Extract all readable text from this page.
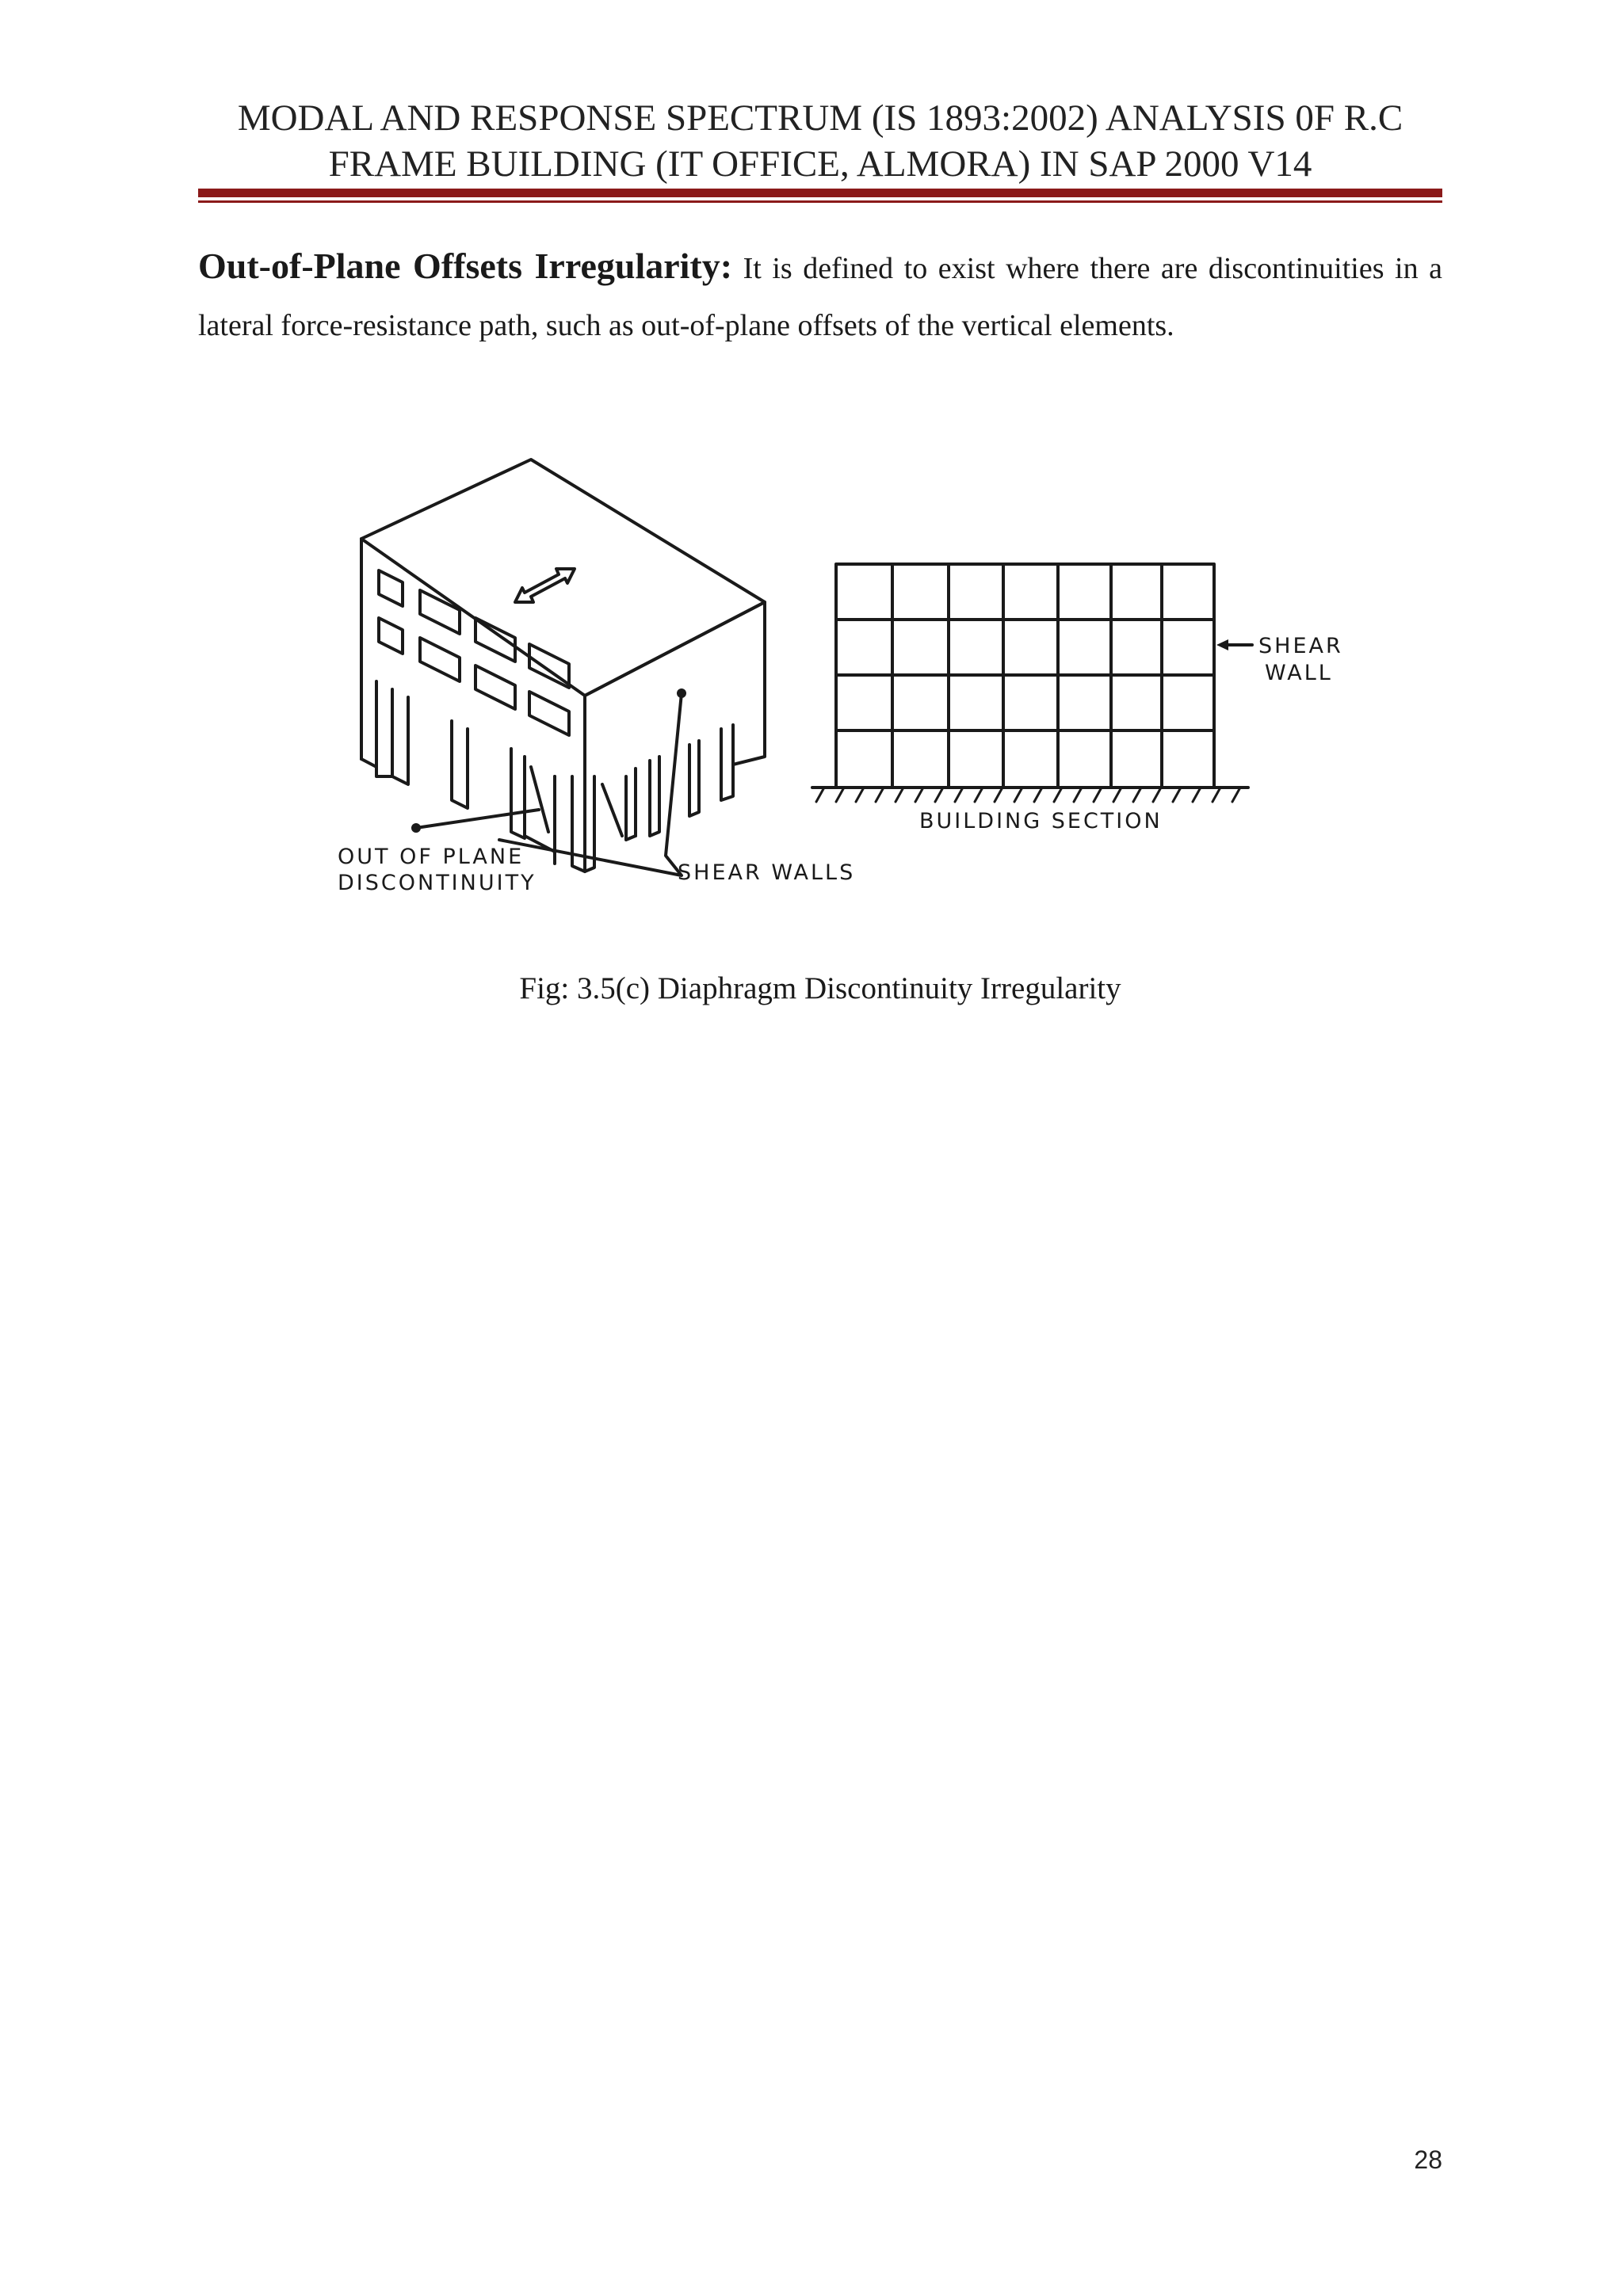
MODAL AND RESPONSE SPECTRUM (IS 1893:2002) ANALYSIS 0F R.C
FRAME BUILDING (IT OFFICE, ALMORA) IN SAP 2000 V14
Out-of-Plane Offsets Irregularity: It is defined to exist where there are discontinuities in a lateral force-resistance path, such as out-of-plane offsets of the vertical elements.
OUT OF PLANE
DISCONTINUITY	SHEAR WALLS
SHEAR
WALL
BUILDING SECTION
Fig: 3.5(c) Diaphragm Discontinuity Irregularity
28
